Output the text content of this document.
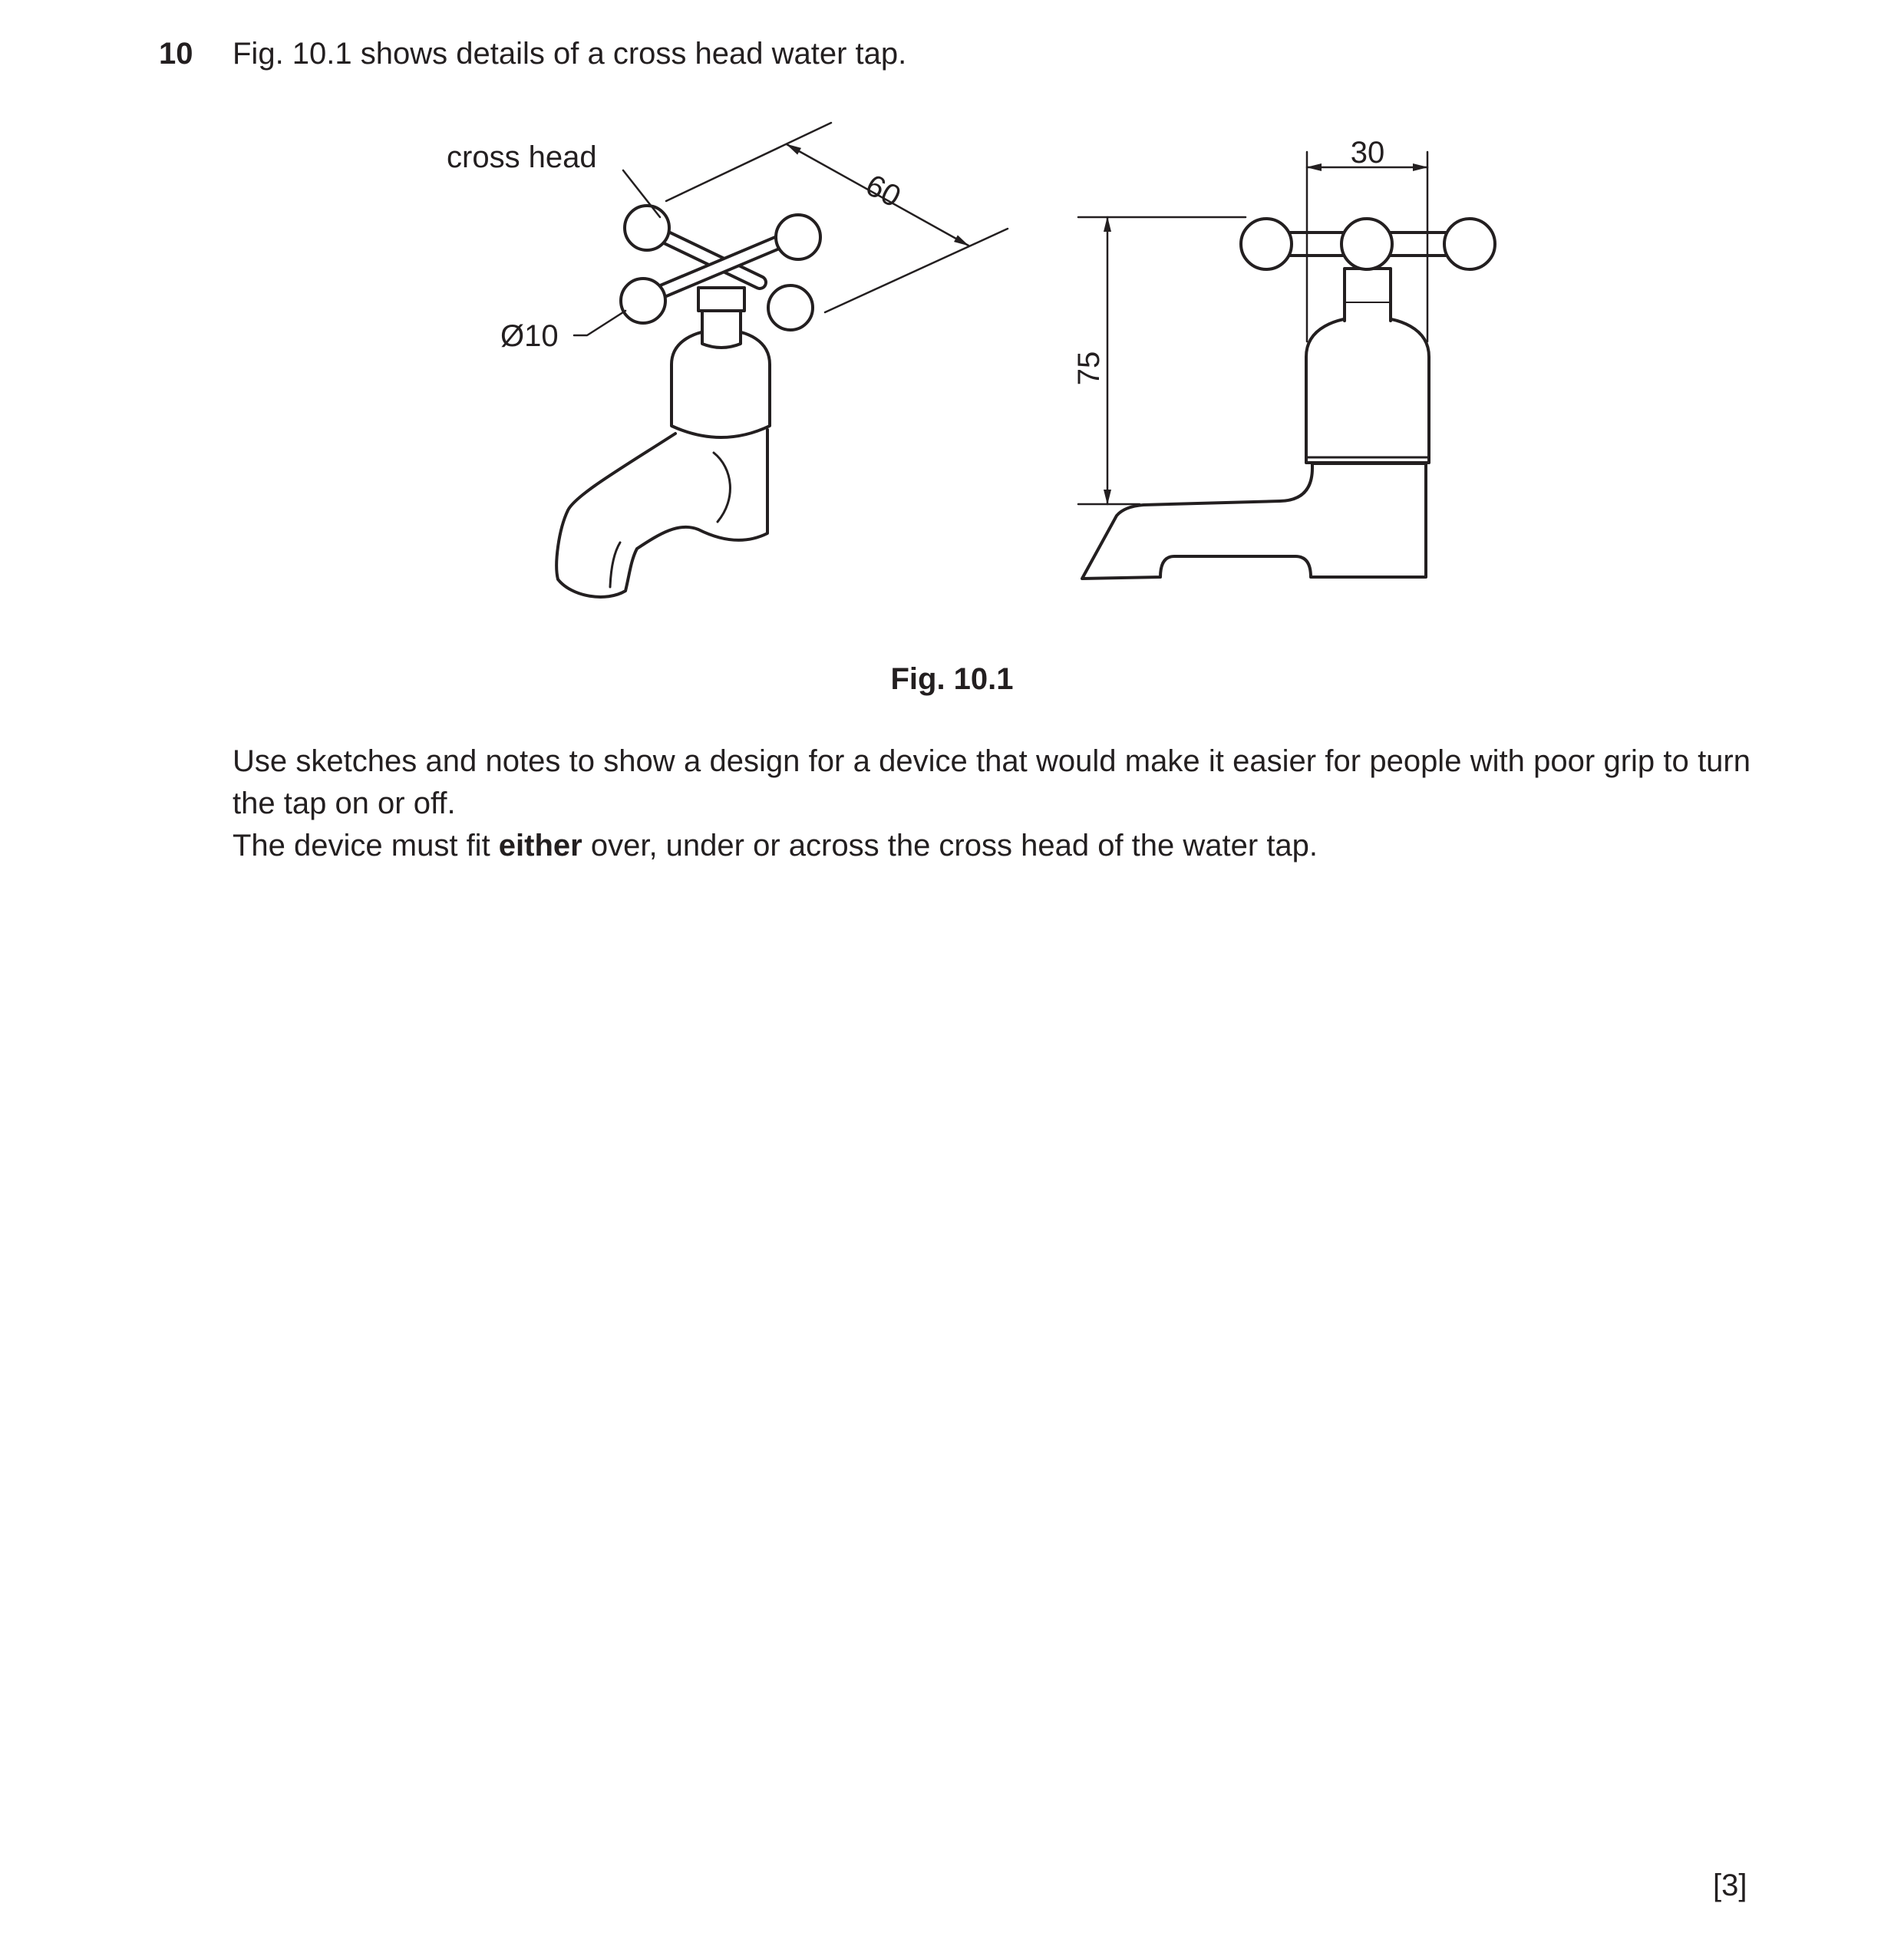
10 Fig. 10.1 shows details of a cross head water tap.
cross head
Ø10
60
30
75
Fig. 10.1
Use sketches and notes to show a design for a device that would make it easier for people with poor grip to turn the tap on or off.
The device must fit either over, under or across the cross head of the water tap.
[3]
